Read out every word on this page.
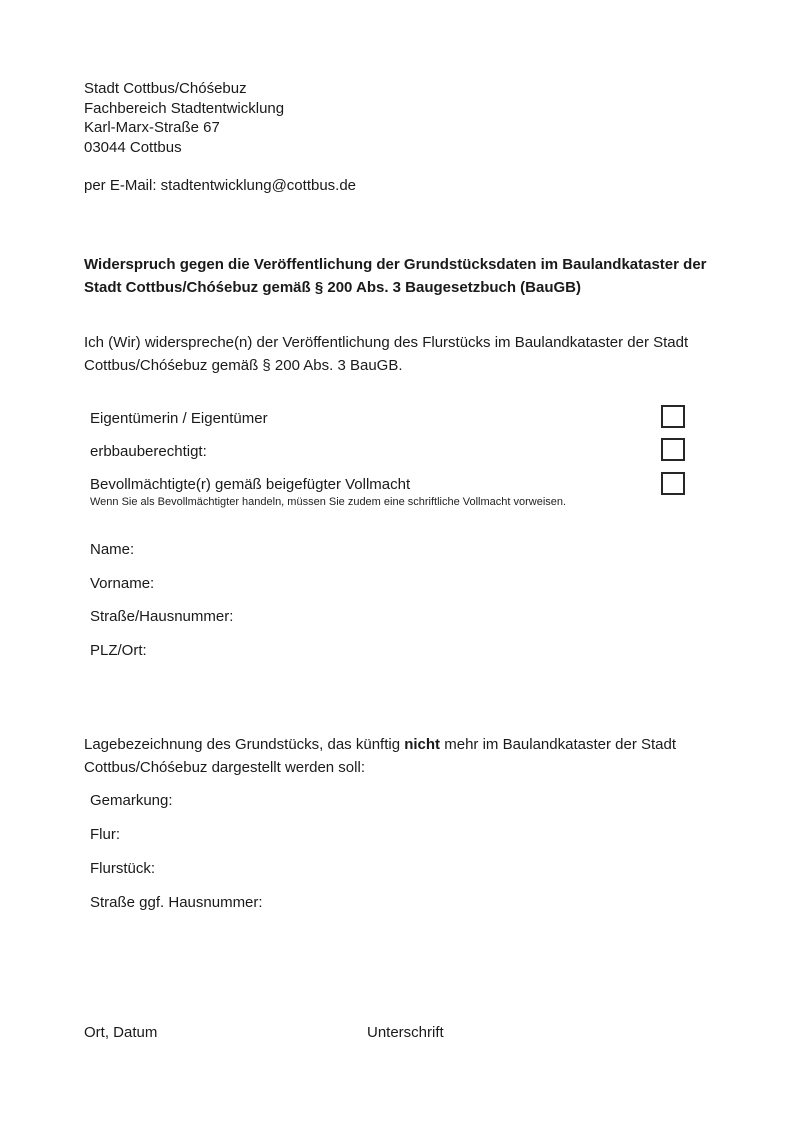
Stadt Cottbus/Chóśebuz
Fachbereich Stadtentwicklung
Karl-Marx-Straße 67
03044 Cottbus
per E-Mail: stadtentwicklung@cottbus.de
Widerspruch gegen die Veröffentlichung der Grundstücksdaten im Baulandkataster der
Stadt Cottbus/Chóśebuz gemäß § 200 Abs. 3 Baugesetzbuch (BauGB)
Ich (Wir) widerspreche(n) der Veröffentlichung des Flurstücks im Baulandkataster der Stadt
Cottbus/Chóśebuz gemäß § 200 Abs. 3 BauGB.
Eigentümerin / Eigentümer
erbbauberechtigt:
Bevollmächtigte(r) gemäß beigefügter Vollmacht
Wenn Sie als Bevollmächtigter handeln, müssen Sie zudem eine schriftliche Vollmacht vorweisen.
Name:
Vorname:
Straße/Hausnummer:
PLZ/Ort:
Lagebezeichnung des Grundstücks, das künftig nicht mehr im Baulandkataster der Stadt
Cottbus/Chóśebuz dargestellt werden soll:
Gemarkung:
Flur:
Flurstück:
Straße ggf. Hausnummer:
Ort, Datum	Unterschrift
